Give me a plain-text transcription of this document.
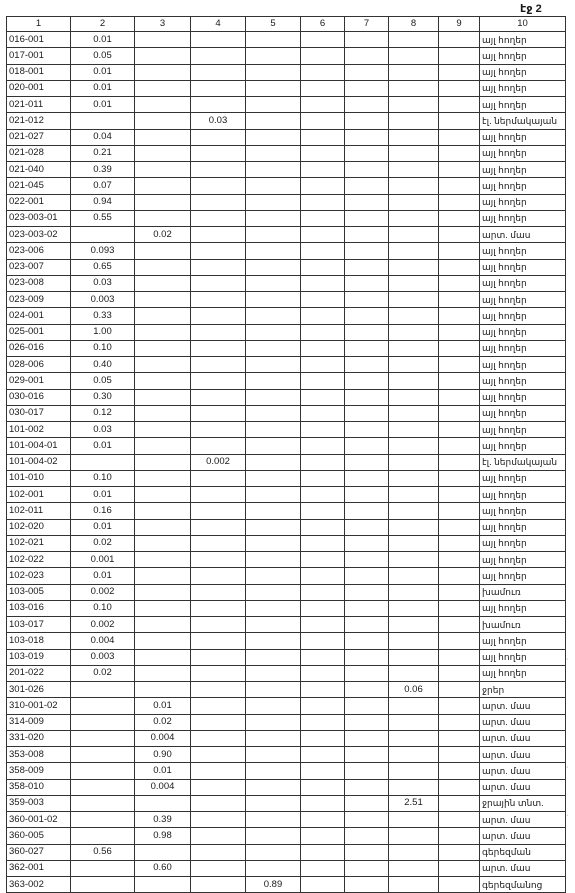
էջ 2
1	2	3	4	5	6	7	8	9	10
016-001	0.01								այլ հողեր
017-001	0.05								այլ հողեր
018-001	0.01								այլ հողեր
020-001	0.01								այլ հողեր
021-011	0.01								այլ հողեր
021-012			0.03						էլ. ներմակայան
021-027	0.04								այլ հողեր
021-028	0.21								այլ հողեր
021-040	0.39								այլ հողեր
021-045	0.07								այլ հողեր
022-001	0.94								այլ հողեր
023-003-01	0.55								այլ հողեր
023-003-02		0.02							արտ. մաս
023-006	0.093								այլ հողեր
023-007	0.65								այլ հողեր
023-008	0.03								այլ հողեր
023-009	0.003								այլ հողեր
024-001	0.33								այլ հողեր
025-001	1.00								այլ հողեր
026-016	0.10								այլ հողեր
028-006	0.40								այլ հողեր
029-001	0.05								այլ հողեր
030-016	0.30								այլ հողեր
030-017	0.12								այլ հողեր
101-002	0.03								այլ հողեր
101-004-01	0.01								այլ հողեր
101-004-02			0.002						էլ. ներմակայան
101-010	0.10								այլ հողեր
102-001	0.01								այլ հողեր
102-011	0.16								այլ հողեր
102-020	0.01								այլ հողեր
102-021	0.02								այլ հողեր
102-022	0.001								այլ հողեր
102-023	0.01								այլ հողեր
103-005	0.002								խամուռ
103-016	0.10								այլ հողեր
103-017	0.002								խամուռ
103-018	0.004								այլ հողեր
103-019	0.003								այլ հողեր
201-022	0.02								այլ հողեր
301-026							0.06		ջրեր
310-001-02		0.01							արտ. մաս
314-009		0.02							արտ. մաս
331-020		0.004							արտ. մաս
353-008		0.90							արտ. մաս
358-009		0.01							արտ. մաս
358-010		0.004							արտ. մաս
359-003							2.51		ջրային տնտ.
360-001-02		0.39							արտ. մաս
360-005		0.98							արտ. մաս
360-027	0.56								գերեզման
362-001		0.60							արտ. մաս
363-002				0.89					գերեզմանոց
·
·
·
